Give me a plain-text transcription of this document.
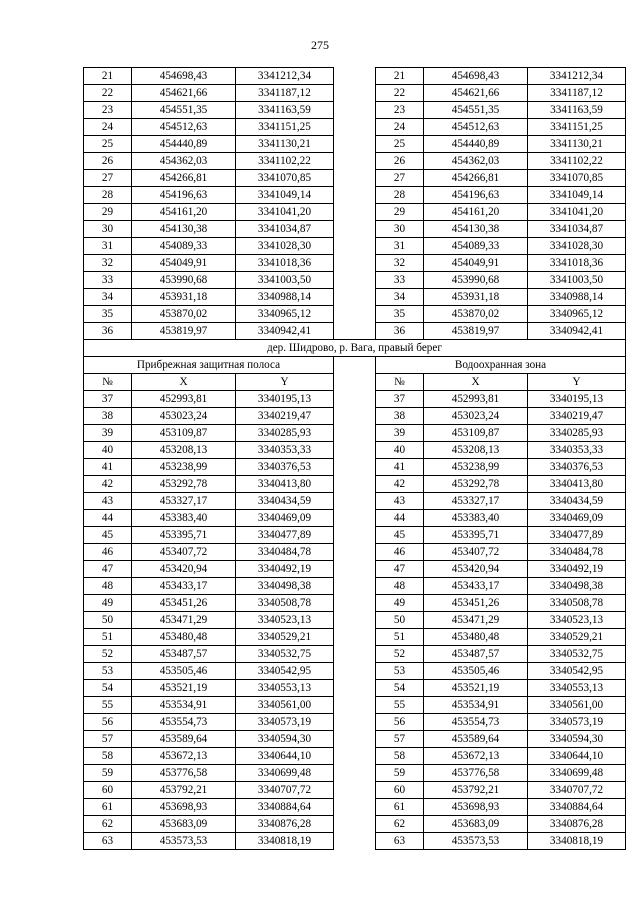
275
21	454698,43	3341212,34		21	454698,43	3341212,34
22	454621,66	3341187,12		22	454621,66	3341187,12
23	454551,35	3341163,59		23	454551,35	3341163,59
24	454512,63	3341151,25		24	454512,63	3341151,25
25	454440,89	3341130,21		25	454440,89	3341130,21
26	454362,03	3341102,22		26	454362,03	3341102,22
27	454266,81	3341070,85		27	454266,81	3341070,85
28	454196,63	3341049,14		28	454196,63	3341049,14
29	454161,20	3341041,20		29	454161,20	3341041,20
30	454130,38	3341034,87		30	454130,38	3341034,87
31	454089,33	3341028,30		31	454089,33	3341028,30
32	454049,91	3341018,36		32	454049,91	3341018,36
33	453990,68	3341003,50		33	453990,68	3341003,50
34	453931,18	3340988,14		34	453931,18	3340988,14
35	453870,02	3340965,12		35	453870,02	3340965,12
36	453819,97	3340942,41		36	453819,97	3340942,41
дер. Шидрово, р. Вага, правый берег						
Прибрежная защитная полоса				Водоохранная зона		
№	X	Y		№	X	Y
37	452993,81	3340195,13		37	452993,81	3340195,13
38	453023,24	3340219,47		38	453023,24	3340219,47
39	453109,87	3340285,93		39	453109,87	3340285,93
40	453208,13	3340353,33		40	453208,13	3340353,33
41	453238,99	3340376,53		41	453238,99	3340376,53
42	453292,78	3340413,80		42	453292,78	3340413,80
43	453327,17	3340434,59		43	453327,17	3340434,59
44	453383,40	3340469,09		44	453383,40	3340469,09
45	453395,71	3340477,89		45	453395,71	3340477,89
46	453407,72	3340484,78		46	453407,72	3340484,78
47	453420,94	3340492,19		47	453420,94	3340492,19
48	453433,17	3340498,38		48	453433,17	3340498,38
49	453451,26	3340508,78		49	453451,26	3340508,78
50	453471,29	3340523,13		50	453471,29	3340523,13
51	453480,48	3340529,21		51	453480,48	3340529,21
52	453487,57	3340532,75		52	453487,57	3340532,75
53	453505,46	3340542,95		53	453505,46	3340542,95
54	453521,19	3340553,13		54	453521,19	3340553,13
55	453534,91	3340561,00		55	453534,91	3340561,00
56	453554,73	3340573,19		56	453554,73	3340573,19
57	453589,64	3340594,30		57	453589,64	3340594,30
58	453672,13	3340644,10		58	453672,13	3340644,10
59	453776,58	3340699,48		59	453776,58	3340699,48
60	453792,21	3340707,72		60	453792,21	3340707,72
61	453698,93	3340884,64		61	453698,93	3340884,64
62	453683,09	3340876,28		62	453683,09	3340876,28
63	453573,53	3340818,19		63	453573,53	3340818,19
